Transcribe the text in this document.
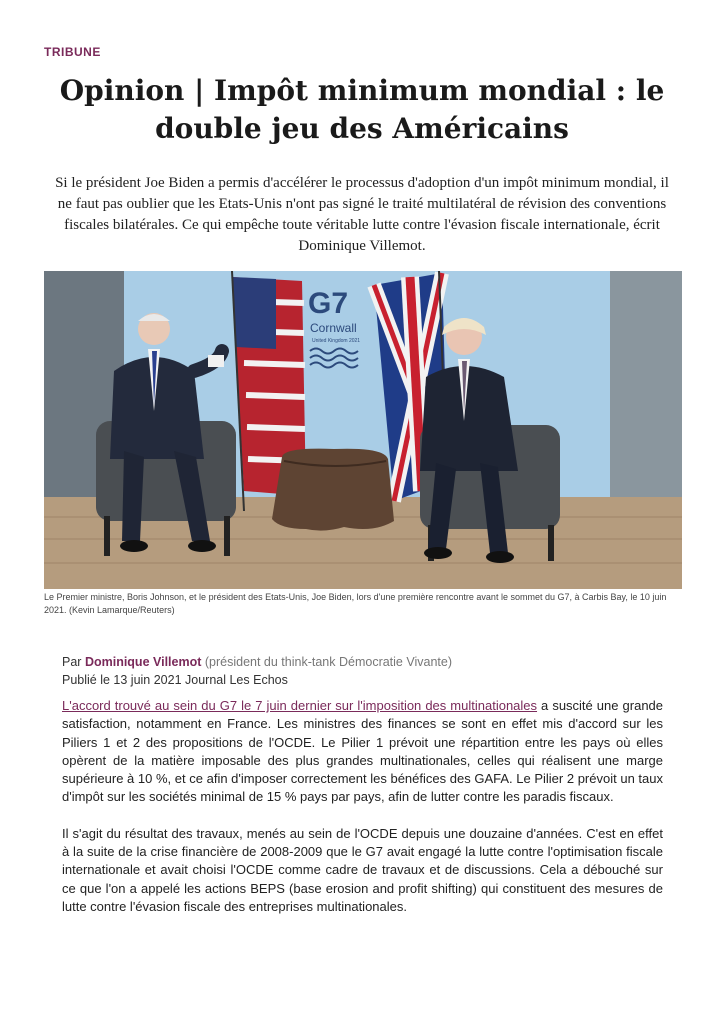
TRIBUNE
Opinion | Impôt minimum mondial : le double jeu des Américains

Si le président Joe Biden a permis d'accélérer le processus d'adoption d'un impôt minimum mondial, il ne faut pas oublier que les Etats-Unis n'ont pas signé le traité multilatéral de révision des conventions fiscales bilatérales. Ce qui empêche toute véritable lutte contre l'évasion fiscale internationale, écrit Dominique Villemot.

G7
Cornwall
United Kingdom 2021

Le Premier ministre, Boris Johnson, et le président des Etats-Unis, Joe Biden, lors d'une première rencontre avant le sommet du G7, à Carbis Bay, le 10 juin 2021. (Kevin Lamarque/Reuters)

Par Dominique Villemot (président du think-tank Démocratie Vivante)
Publié le 13 juin 2021 Journal Les Echos

L'accord trouvé au sein du G7 le 7 juin dernier sur l'imposition des multinationales a suscité une grande satisfaction, notamment en France. Les ministres des finances se sont en effet mis d'accord sur les Piliers 1 et 2 des propositions de l'OCDE. Le Pilier 1 prévoit une répartition entre les pays où elles opèrent de la matière imposable des plus grandes multinationales, celles qui réalisent une marge supérieure à 10 %, et ce afin d'imposer correctement les bénéfices des GAFA. Le Pilier 2 prévoit un taux d'impôt sur les sociétés minimal de 15 % pays par pays, afin de lutter contre les paradis fiscaux.

Il s'agit du résultat des travaux, menés au sein de l'OCDE depuis une douzaine d'années. C'est en effet à la suite de la crise financière de 2008-2009 que le G7 avait engagé la lutte contre l'optimisation fiscale internationale et avait choisi l'OCDE comme cadre de travaux et de discussions. Cela a débouché sur ce que l'on a appelé les actions BEPS (base erosion and profit shifting) qui constituent des mesures de lutte contre l'évasion fiscale des entreprises multinationales.
